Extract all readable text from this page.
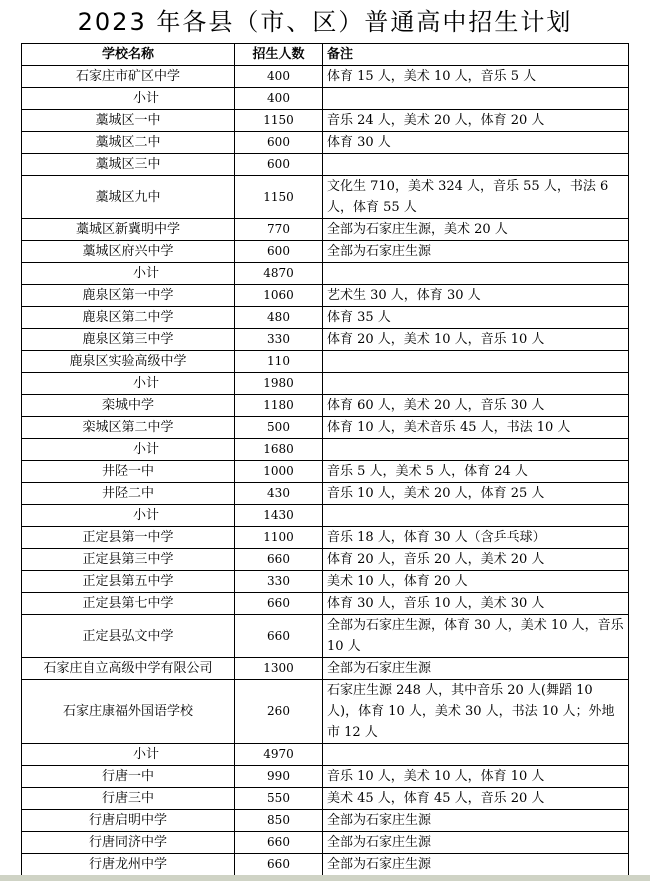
2023 年各县（市、区）普通高中招生计划
学校名称	招生人数	备注
石家庄市矿区中学	400	体育 15 人，美术 10 人，音乐 5 人
小计	400	
藁城区一中	1150	音乐 24 人，美术 20 人，体育 20 人
藁城区二中	600	体育 30 人
藁城区三中	600	
藁城区九中	1150	文化生 710，美术 324 人，音乐 55 人，书法 6 人，体育 55 人
藁城区新冀明中学	770	全部为石家庄生源，美术 20 人
藁城区府兴中学	600	全部为石家庄生源
小计	4870	
鹿泉区第一中学	1060	艺术生 30 人，体育 30 人
鹿泉区第二中学	480	体育 35 人
鹿泉区第三中学	330	体育 20 人，美术 10 人，音乐 10 人
鹿泉区实验高级中学	110	
小计	1980	
栾城中学	1180	体育 60 人，美术 20 人，音乐 30 人
栾城区第二中学	500	体育 10 人，美术音乐 45 人，书法 10 人
小计	1680	
井陉一中	1000	音乐 5 人，美术 5 人，体育 24 人
井陉二中	430	音乐 10 人，美术 20 人，体育 25 人
小计	1430	
正定县第一中学	1100	音乐 18 人，体育 30 人（含乒乓球）
正定县第三中学	660	体育 20 人，音乐 20 人，美术 20 人
正定县第五中学	330	美术 10 人，体育 20 人
正定县第七中学	660	体育 30 人，音乐 10 人，美术 30 人
正定县弘文中学	660	全部为石家庄生源，体育 30 人，美术 10 人，音乐 10 人
石家庄自立高级中学有限公司	1300	全部为石家庄生源
石家庄康福外国语学校	260	石家庄生源 248 人，其中音乐 20 人(舞蹈 10 人)，体育 10 人，美术 30 人，书法 10 人；外地市 12 人
小计	4970	
行唐一中	990	音乐 10 人，美术 10 人，体育 10 人
行唐三中	550	美术 45 人，体育 45 人，音乐 20 人
行唐启明中学	850	全部为石家庄生源
行唐同济中学	660	全部为石家庄生源
行唐龙州中学	660	全部为石家庄生源
